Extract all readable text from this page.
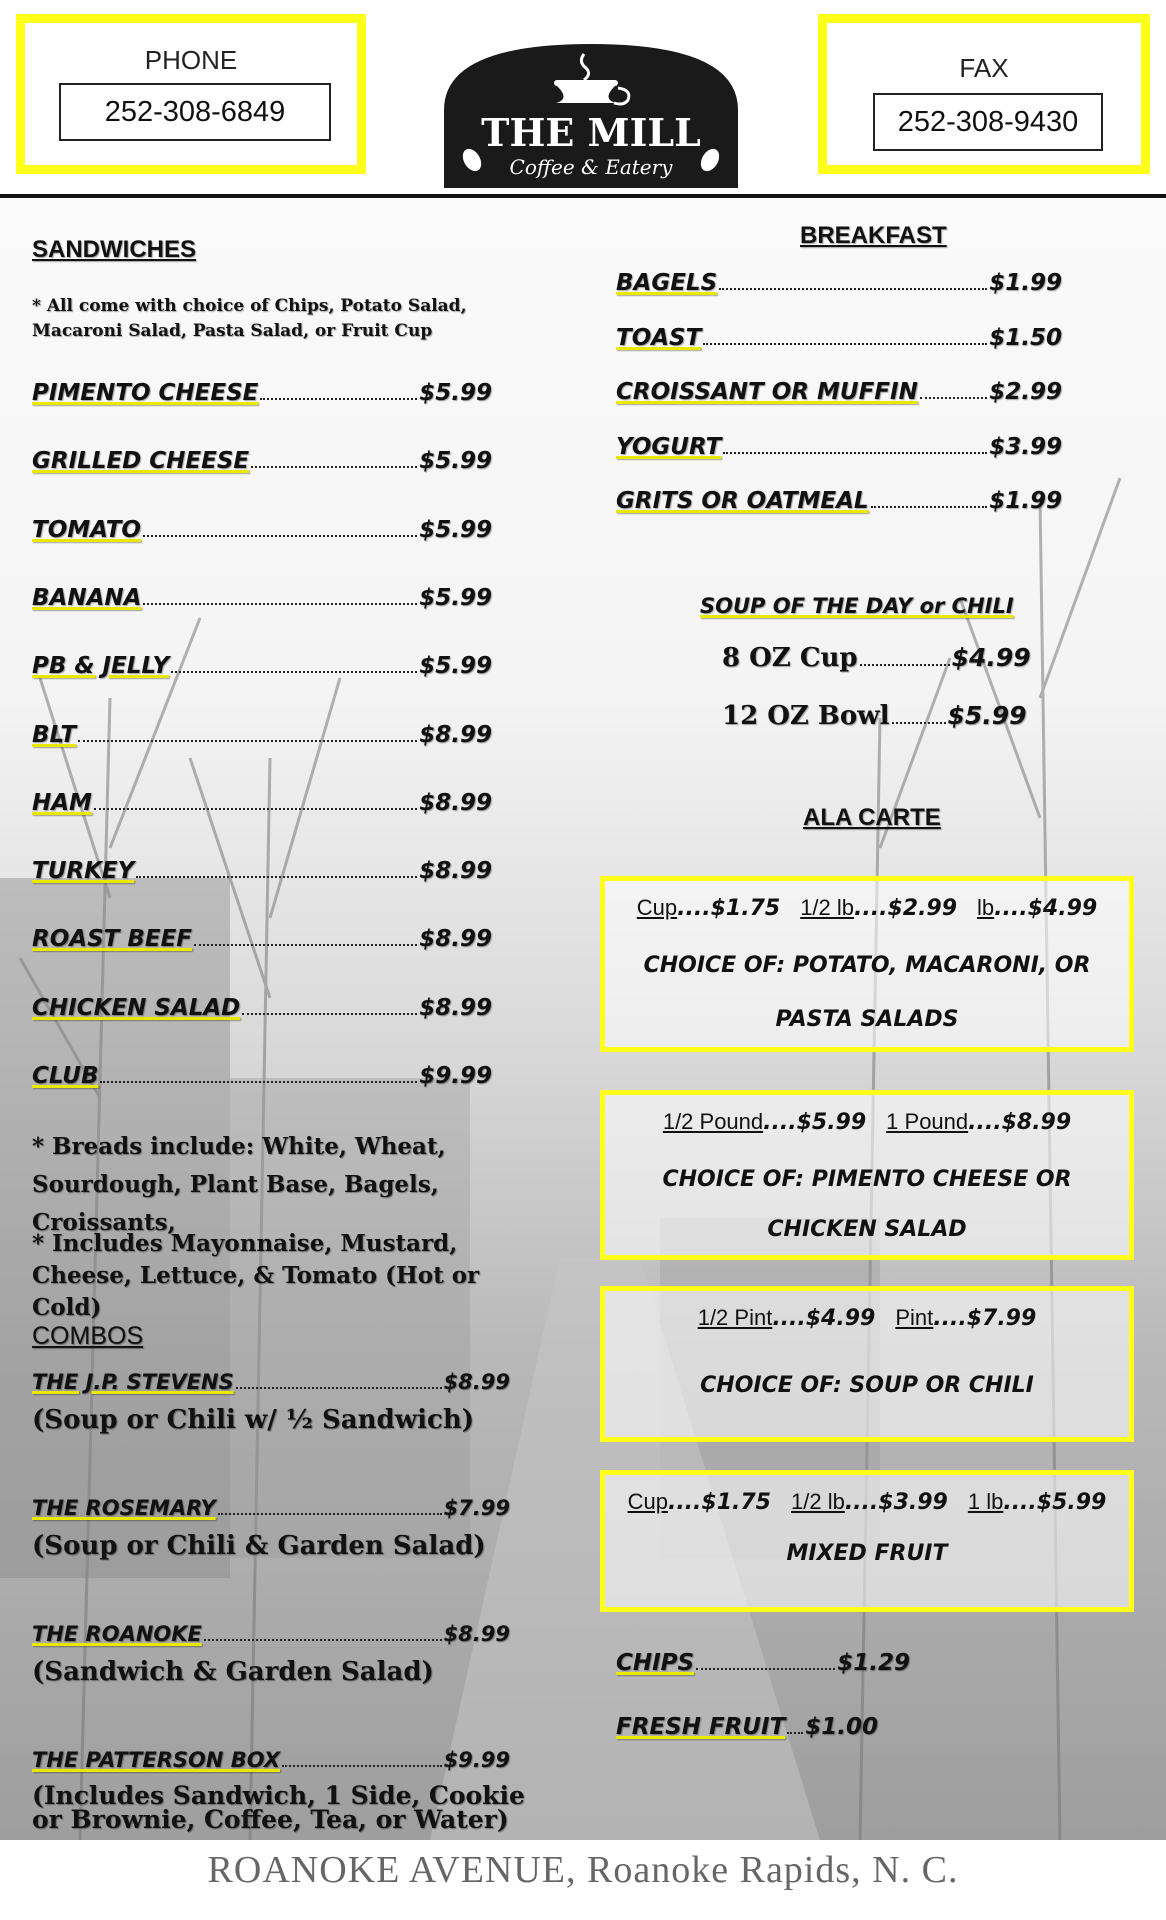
PHONE
252-308-6849	THE MILL
Coffee & Eatery
FAX
252-308-9430
SANDWICHES
* All come with choice of Chips, Potato Salad, Macaroni Salad, Pasta Salad, or Fruit Cup
PIMENTO CHEESE	$5.99
GRILLED CHEESE	$5.99
TOMATO	$5.99
BANANA	$5.99
PB & JELLY	$5.99
BLT	$8.99
HAM	$8.99
TURKEY	$8.99
ROAST BEEF	$8.99
CHICKEN SALAD	$8.99
CLUB	$9.99
* Breads include: White, Wheat, Sourdough, Plant Base, Bagels, Croissants,
* Includes Mayonnaise, Mustard, Cheese, Lettuce, & Tomato (Hot or Cold)
COMBOS
THE J.P. STEVENS	$8.99
(Soup or Chili w/ ½ Sandwich)
THE ROSEMARY	$7.99
(Soup or Chili & Garden Salad)
THE ROANOKE	$8.99
(Sandwich & Garden Salad)
THE PATTERSON BOX	$9.99
(Includes Sandwich, 1 Side, Cookie or Brownie, Coffee, Tea, or Water)
BREAKFAST
BAGELS	$1.99
TOAST	$1.50
CROISSANT OR MUFFIN	$2.99
YOGURT	$3.99
GRITS OR OATMEAL	$1.99
SOUP OF THE DAY or CHILI
8 OZ Cup	$4.99
12 OZ Bowl $5.99
ALA CARTE
Cup....$1.75 1/2 lb....$2.99 lb....$4.99
CHOICE OF: POTATO, MACARONI, OR
PASTA SALADS
1/2 Pound....$5.99 1 Pound....$8.99
CHOICE OF: PIMENTO CHEESE OR
CHICKEN SALAD
1/2 Pint....$4.99 Pint....$7.99
CHOICE OF: SOUP OR CHILI
Cup....$1.75 1/2 lb....$3.99 1 lb....$5.99
MIXED FRUIT
CHIPS	$1.29
FRESH FRUIT $1.00
ROANOKE AVENUE, Roanoke Rapids, N. C.
